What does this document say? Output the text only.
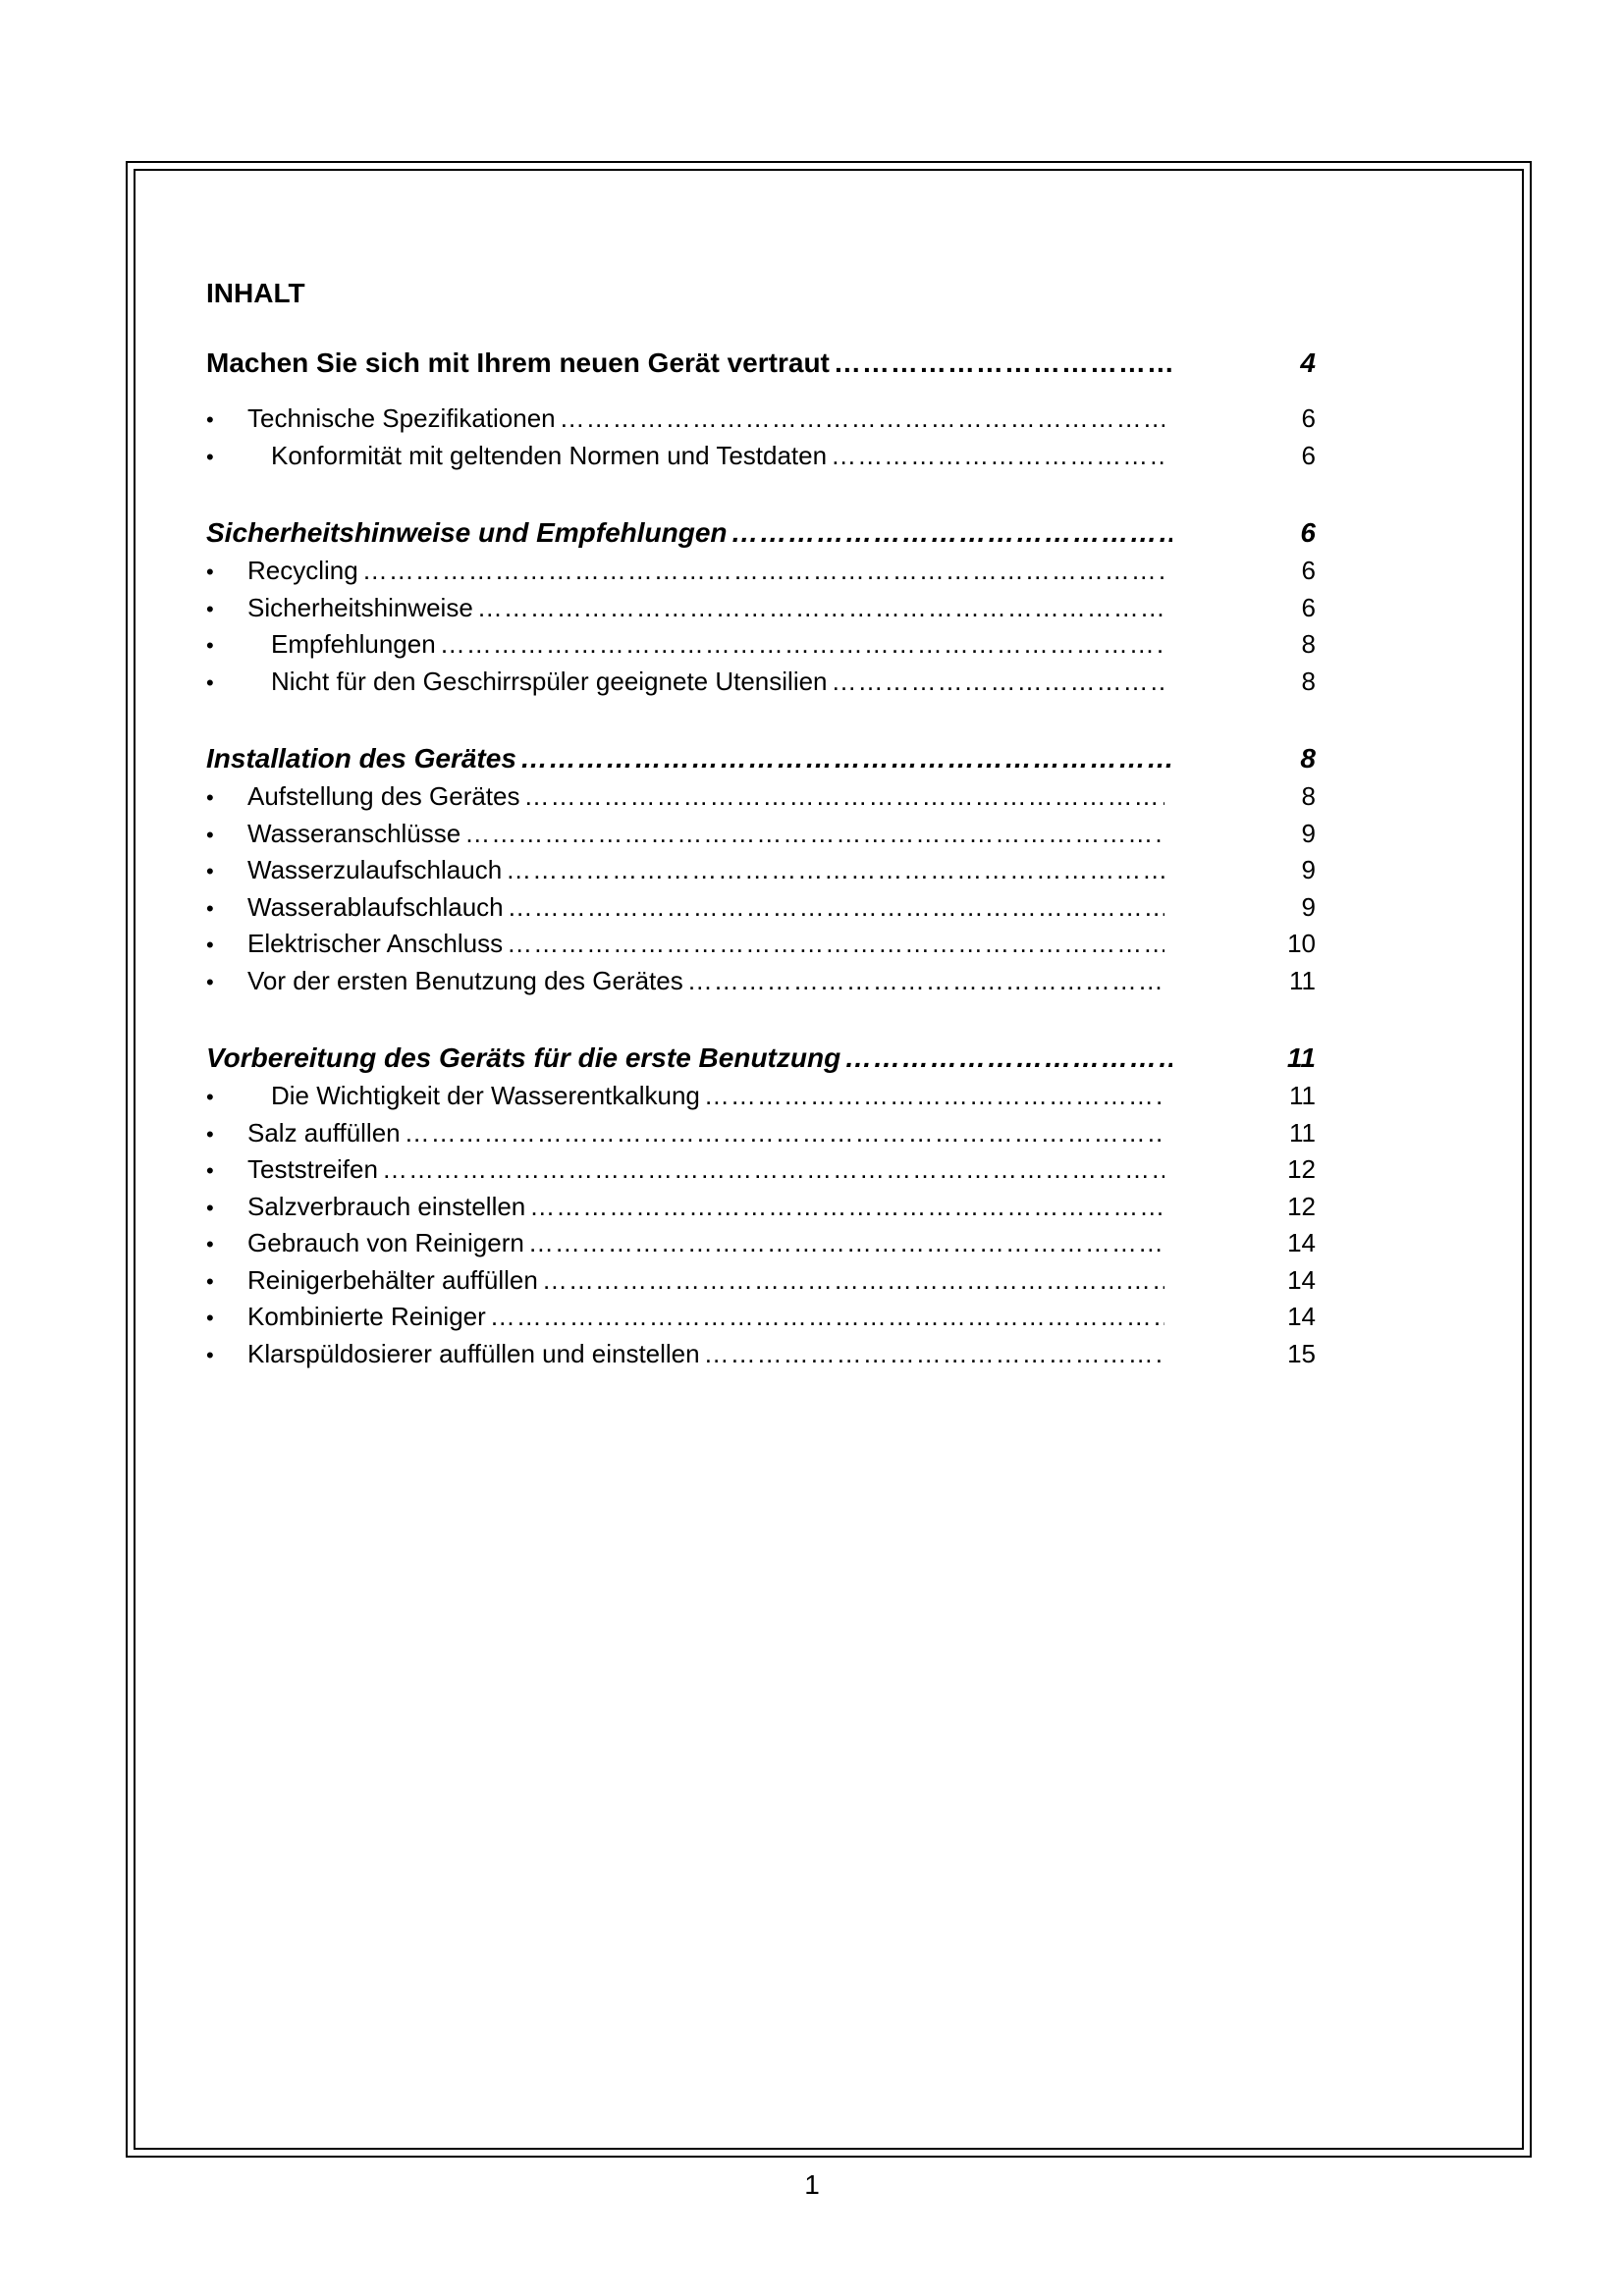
INHALT
Machen Sie sich mit Ihrem neuen Gerät vertraut ……………………………………………………………………………………………………………………………………………………………………………………………………………………………	4
•	Technische Spezifikationen ……………………………………………………………………………………………………………………………………………………………………………………………………………………………	6
•	Konformität mit geltenden Normen und Testdaten ……………………………………………………………………………………………………………………………………………………………………………………………………………………………	6
Sicherheitshinweise und Empfehlungen ……………………………………………………………………………………………………………………………………………………………………………………………………………………………	6
•	Recycling ……………………………………………………………………………………………………………………………………………………………………………………………………………………………	6
•	Sicherheitshinweise ……………………………………………………………………………………………………………………………………………………………………………………………………………………………	6
•	Empfehlungen ……………………………………………………………………………………………………………………………………………………………………………………………………………………………	8
•	Nicht für den Geschirrspüler geeignete Utensilien ……………………………………………………………………………………………………………………………………………………………………………………………………………………………	8
Installation des Gerätes ……………………………………………………………………………………………………………………………………………………………………………………………………………………………	8
•	Aufstellung des Gerätes ……………………………………………………………………………………………………………………………………………………………………………………………………………………………	8
•	Wasseranschlüsse ……………………………………………………………………………………………………………………………………………………………………………………………………………………………	9
•	Wasserzulaufschlauch ……………………………………………………………………………………………………………………………………………………………………………………………………………………………	9
•	Wasserablaufschlauch ……………………………………………………………………………………………………………………………………………………………………………………………………………………………	9
•	Elektrischer Anschluss ……………………………………………………………………………………………………………………………………………………………………………………………………………………………	10
•	Vor der ersten Benutzung des Gerätes ……………………………………………………………………………………………………………………………………………………………………………………………………………………………	11
Vorbereitung des Geräts für die erste Benutzung ……………………………………………………………………………………………………………………………………………………………………………………………………………………………	11
•	Die Wichtigkeit der Wasserentkalkung ……………………………………………………………………………………………………………………………………………………………………………………………………………………………	11
•	Salz auffüllen ……………………………………………………………………………………………………………………………………………………………………………………………………………………………	11
•	Teststreifen ……………………………………………………………………………………………………………………………………………………………………………………………………………………………	12
•	Salzverbrauch einstellen ……………………………………………………………………………………………………………………………………………………………………………………………………………………………	12
•	Gebrauch von Reinigern ……………………………………………………………………………………………………………………………………………………………………………………………………………………………	14
•	Reinigerbehälter auffüllen ……………………………………………………………………………………………………………………………………………………………………………………………………………………………	14
•	Kombinierte Reiniger ……………………………………………………………………………………………………………………………………………………………………………………………………………………………	14
•	Klarspüldosierer auffüllen und einstellen ……………………………………………………………………………………………………………………………………………………………………………………………………………………………	15
1
